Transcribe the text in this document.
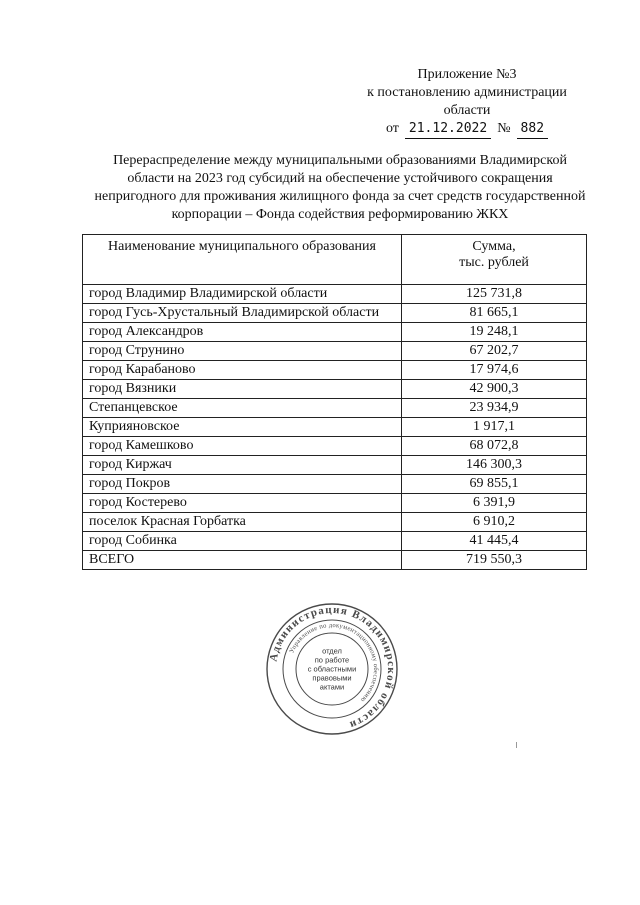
Приложение №3
к постановлению администрации
области
от 21.12.2022 № 882
Перераспределение между муниципальными образованиями Владимирской области на 2023 год субсидий на обеспечение устойчивого сокращения непригодного для проживания жилищного фонда за счет средств государственной корпорации – Фонда содействия реформированию ЖКХ
Наименование муниципального образования	Сумма,
тыс. рублей
город Владимир Владимирской области	125 731,8
город Гусь-Хрустальный Владимирской области	81 665,1
город Александров	19 248,1
город Струнино	67 202,7
город Карабаново	17 974,6
город Вязники	42 900,3
Степанцевское	23 934,9
Куприяновское	1 917,1
город Камешково	68 072,8
город Киржач	146 300,3
город Покров	69 855,1
город Костерево	6 391,9
поселок Красная Горбатка	6 910,2
город Собинка	41 445,4
ВСЕГО	719 550,3
Администрация Владимирской области
Управление по документационному обеспечению
отдел
по работе
с областными
правовыми
актами
